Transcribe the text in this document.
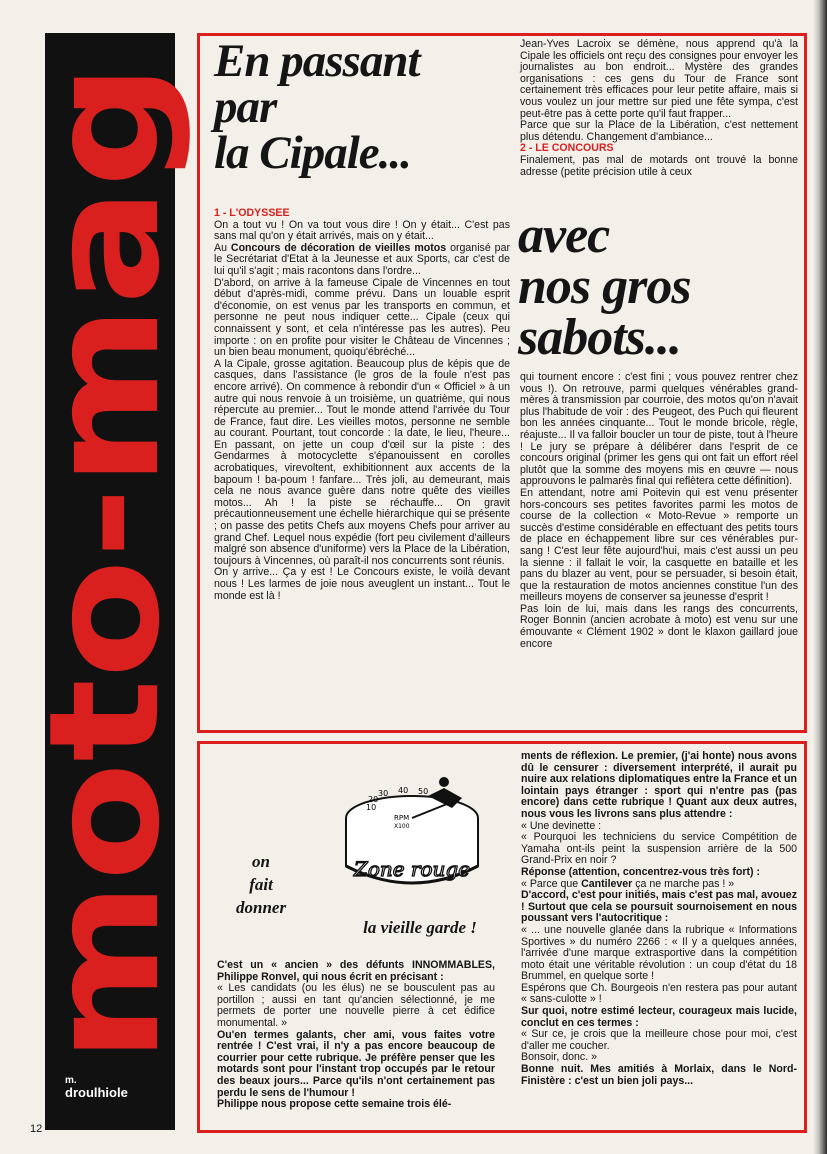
moto-mag
m.
droulhiole
En passant
par
la Cipale...

1 - L'ODYSSEE

On a tout vu ! On va tout vous dire ! On y était... C'est pas sans mal qu'on y était arrivés, mais on y était...

Au Concours de décoration de vieilles motos organisé par le Secrétariat d'Etat à la Jeunesse et aux Sports, car c'est de lui qu'il s'agit ; mais racontons dans l'ordre...

D'abord, on arrive à la fameuse Cipale de Vincennes en tout début d'après-midi, comme prévu. Dans un louable esprit d'économie, on est venus par les transports en commun, et personne ne peut nous indiquer cette... Cipale (ceux qui connaissent y sont, et cela n'intéresse pas les autres). Peu importe : on en profite pour visiter le Château de Vincennes ; un bien beau monument, quoiqu'ébréché...

A la Cipale, grosse agitation. Beaucoup plus de képis que de casques, dans l'assistance (le gros de la foule n'est pas encore arrivé). On commence à rebondir d'un « Officiel » à un autre qui nous renvoie à un troisième, un quatrième, qui nous répercute au premier... Tout le monde attend l'arrivée du Tour de France, faut dire. Les vieilles motos, personne ne semble au courant. Pourtant, tout concorde : la date, le lieu, l'heure... En passant, on jette un coup d'œil sur la piste : des Gendarmes à motocyclette s'épanouissent en corolles acrobatiques, virevoltent, exhibitionnent aux accents de la bapoum ! ba-poum ! fanfare... Très joli, au demeurant, mais cela ne nous avance guère dans notre quête des vieilles motos... Ah ! la piste se réchauffe... On gravit précautionneusement une échelle hiérarchique qui se présente ; on passe des petits Chefs aux moyens Chefs pour arriver au grand Chef. Lequel nous expédie (fort peu civilement d'ailleurs malgré son absence d'uniforme) vers la Place de la Libération, toujours à Vincennes, où paraît-il nos concurrents sont réunis.

On y arrive... Ça y est ! Le Concours existe, le voilà devant nous ! Les larmes de joie nous aveuglent un instant... Tout le monde est là !

Jean-Yves Lacroix se démène, nous apprend qu'à la Cipale les officiels ont reçu des consignes pour envoyer les journalistes au bon endroit... Mystère des grandes organisations : ces gens du Tour de France sont certainement très efficaces pour leur petite affaire, mais si vous voulez un jour mettre sur pied une fête sympa, c'est peut-être pas à cette porte qu'il faut frapper...

Parce que sur la Place de la Libération, c'est nettement plus détendu. Changement d'ambiance...

2 - LE CONCOURS

Finalement, pas mal de motards ont trouvé la bonne adresse (petite précision utile à ceux

avec
nos gros
sabots...

qui tournent encore : c'est fini ; vous pouvez rentrer chez vous !). On retrouve, parmi quelques vénérables grand-mères à transmission par courroie, des motos qu'on n'avait plus l'habitude de voir : des Peugeot, des Puch qui fleurent bon les années cinquante... Tout le monde bricole, règle, réajuste... Il va falloir boucler un tour de piste, tout à l'heure ! Le jury se prépare à délibérer dans l'esprit de ce concours original (primer les gens qui ont fait un effort réel plutôt que la somme des moyens mis en œuvre — nous approuvons le palmarès final qui reflètera cette définition).

En attendant, notre ami Poitevin qui est venu présenter hors-concours ses petites favorites parmi les motos de course de la collection « Moto-Revue » remporte un succès d'estime considérable en effectuant des petits tours de place en échappement libre sur ces vénérables pur-sang ! C'est leur fête aujourd'hui, mais c'est aussi un peu la sienne : il fallait le voir, la casquette en bataille et les pans du blazer au vent, pour se persuader, si besoin était, que la restauration de motos anciennes constitue l'un des meilleurs moyens de conserver sa jeunesse d'esprit !

Pas loin de lui, mais dans les rangs des concurrents, Roger Bonnin (ancien acrobate à moto) est venu sur une émouvante « Clément 1902 » dont le klaxon gaillard joue encore

10
20
30 40 50
RPM
X100
Zone rouge
on
fait
donner
la vieille garde !

C'est un « ancien » des défunts INNOMMABLES, Philippe Ronvel, qui nous écrit en précisant :

« Les candidats (ou les élus) ne se bousculent pas au portillon ; aussi en tant qu'ancien sélectionné, je me permets de porter une nouvelle pierre à cet édifice monumental. »

Ou'en termes galants, cher ami, vous faites votre rentrée ! C'est vrai, il n'y a pas encore beaucoup de courrier pour cette rubrique. Je préfère penser que les motards sont pour l'instant trop occupés par le retour des beaux jours... Parce qu'ils n'ont certainement pas perdu le sens de l'humour !

Philippe nous propose cette semaine trois élé-

ments de réflexion. Le premier, (j'ai honte) nous avons dû le censurer : diversement interprété, il aurait pu nuire aux relations diplomatiques entre la France et un lointain pays étranger : sport qui n'entre pas (pas encore) dans cette rubrique ! Quant aux deux autres, nous vous les livrons sans plus attendre :

« Une devinette :

« Pourquoi les techniciens du service Compétition de Yamaha ont-ils peint la suspension arrière de la 500 Grand-Prix en noir ?

Réponse (attention, concentrez-vous très fort) :

« Parce que Cantilever ça ne marche pas ! »

D'accord, c'est pour initiés, mais c'est pas mal, avouez ! Surtout que cela se poursuit sournoisement en nous poussant vers l'autocritique :

« ... une nouvelle glanée dans la rubrique « Informations Sportives » du numéro 2266 : « Il y a quelques années, l'arrivée d'une marque extrasportive dans la compétition moto était une véritable révolution : un coup d'état du 18 Brummel, en quelque sorte !

Espérons que Ch. Bourgeois n'en restera pas pour autant « sans-culotte » !

Sur quoi, notre estimé lecteur, courageux mais lucide, conclut en ces termes :

« Sur ce, je crois que la meilleure chose pour moi, c'est d'aller me coucher.

Bonsoir, donc. »

Bonne nuit. Mes amitiés à Morlaix, dans le Nord-Finistère : c'est un bien joli pays...

12
